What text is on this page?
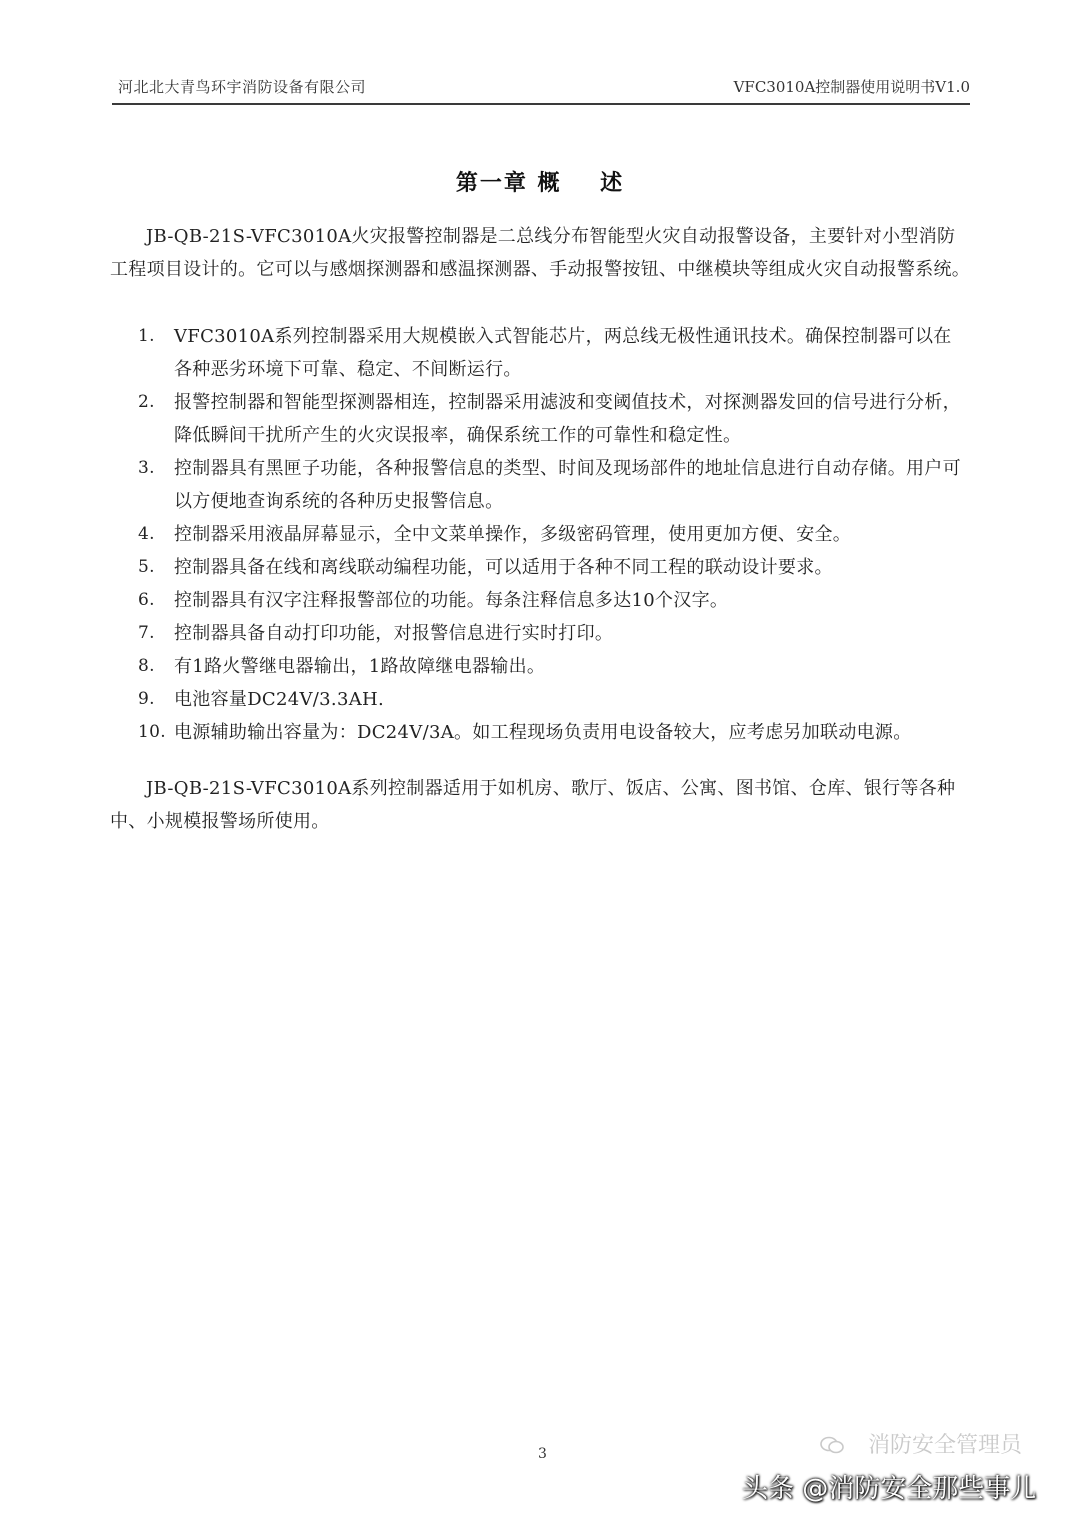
河北北大青鸟环宇消防设备有限公司	VFC3010A控制器使用说明书V1.0
第一章 概    述

JB-QB-21S-VFC3010A火灾报警控制器是二总线分布智能型火灾自动报警设备，主要针对小型消防工程项目设计的。它可以与感烟探测器和感温探测器、手动报警按钮、中继模块等组成火灾自动报警系统。

1. VFC3010A系列控制器采用大规模嵌入式智能芯片，两总线无极性通讯技术。确保控制器可以在各种恶劣环境下可靠、稳定、不间断运行。
2. 报警控制器和智能型探测器相连，控制器采用滤波和变阈值技术，对探测器发回的信号进行分析，降低瞬间干扰所产生的火灾误报率，确保系统工作的可靠性和稳定性。
3. 控制器具有黑匣子功能，各种报警信息的类型、时间及现场部件的地址信息进行自动存储。用户可以方便地查询系统的各种历史报警信息。
4. 控制器采用液晶屏幕显示，全中文菜单操作，多级密码管理，使用更加方便、安全。
5. 控制器具备在线和离线联动编程功能，可以适用于各种不同工程的联动设计要求。
6. 控制器具有汉字注释报警部位的功能。每条注释信息多达10个汉字。
7. 控制器具备自动打印功能，对报警信息进行实时打印。
8. 有1路火警继电器输出，1路故障继电器输出。
9. 电池容量DC24V/3.3AH.
10. 电源辅助输出容量为：DC24V/3A。如工程现场负责用电设备较大，应考虑另加联动电源。

JB-QB-21S-VFC3010A系列控制器适用于如机房、歌厅、饭店、公寓、图书馆、仓库、银行等各种中、小规模报警场所使用。

3	消防安全管理员
头条 @消防安全那些事儿
